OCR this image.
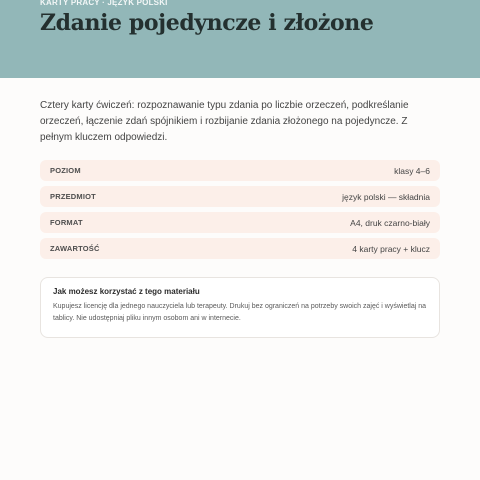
KARTY PRACY · JĘZYK POLSKI
Zdanie pojedyncze i złożone

Cztery karty ćwiczeń: rozpoznawanie typu zdania po liczbie orzeczeń, podkreślanie orzeczeń, łączenie zdań spójnikiem i rozbijanie zdania złożonego na pojedyncze. Z pełnym kluczem odpowiedzi.

POZIOM	klasy 4–6
PRZEDMIOT	język polski — składnia
FORMAT	A4, druk czarno-biały
ZAWARTOŚĆ	4 karty pracy + klucz

Jak możesz korzystać z tego materiału

Kupujesz licencję dla jednego nauczyciela lub terapeuty. Drukuj bez ograniczeń na potrzeby swoich zajęć i wyświetlaj na tablicy. Nie udostępniaj pliku innym osobom ani w internecie.
